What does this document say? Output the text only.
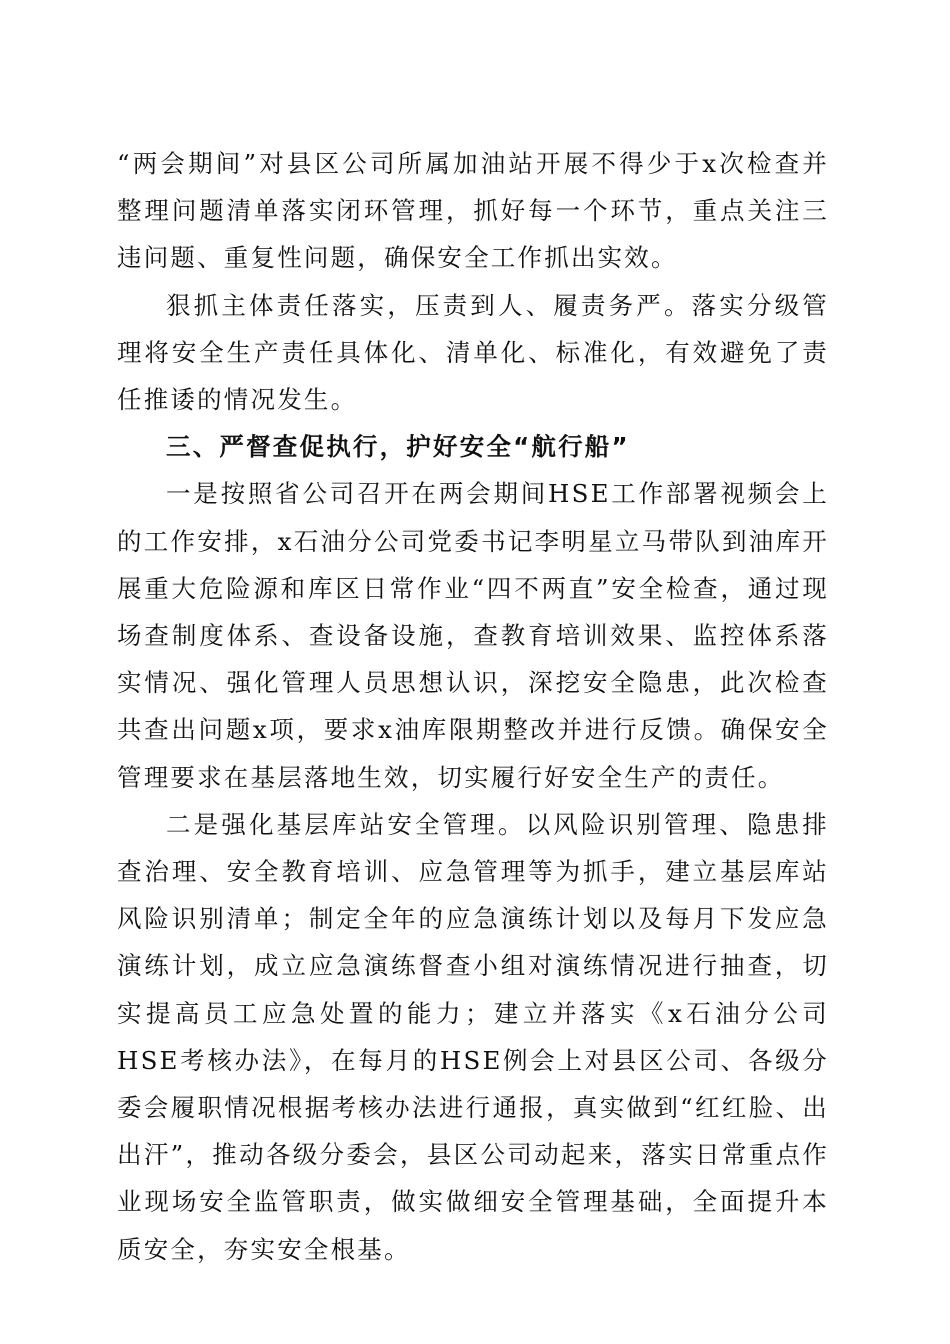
“两会期间”对县区公司所属加油站开展不得少于x次检查并整理问题清单落实闭环管理，抓好每一个环节，重点关注三违问题、重复性问题，确保安全工作抓出实效。

狠抓主体责任落实，压责到人、履责务严。落实分级管理将安全生产责任具体化、清单化、标准化，有效避免了责任推诿的情况发生。

三、严督查促执行，护好安全“航行船”

一是按照省公司召开在两会期间HSE工作部署视频会上的工作安排，x石油分公司党委书记李明星立马带队到油库开展重大危险源和库区日常作业“四不两直”安全检查，通过现场查制度体系、查设备设施，查教育培训效果、监控体系落实情况、强化管理人员思想认识，深挖安全隐患，此次检查共查出问题x项，要求x油库限期整改并进行反馈。确保安全管理要求在基层落地生效，切实履行好安全生产的责任。

二是强化基层库站安全管理。以风险识别管理、隐患排查治理、安全教育培训、应急管理等为抓手，建立基层库站风险识别清单；制定全年的应急演练计划以及每月下发应急演练计划，成立应急演练督查小组对演练情况进行抽查，切实提高员工应急处置的能力；建立并落实《x石油分公司HSE考核办法》，在每月的HSE例会上对县区公司、各级分委会履职情况根据考核办法进行通报，真实做到“红红脸、出出汗”，推动各级分委会，县区公司动起来，落实日常重点作业现场安全监管职责，做实做细安全管理基础，全面提升本质安全，夯实安全根基。
